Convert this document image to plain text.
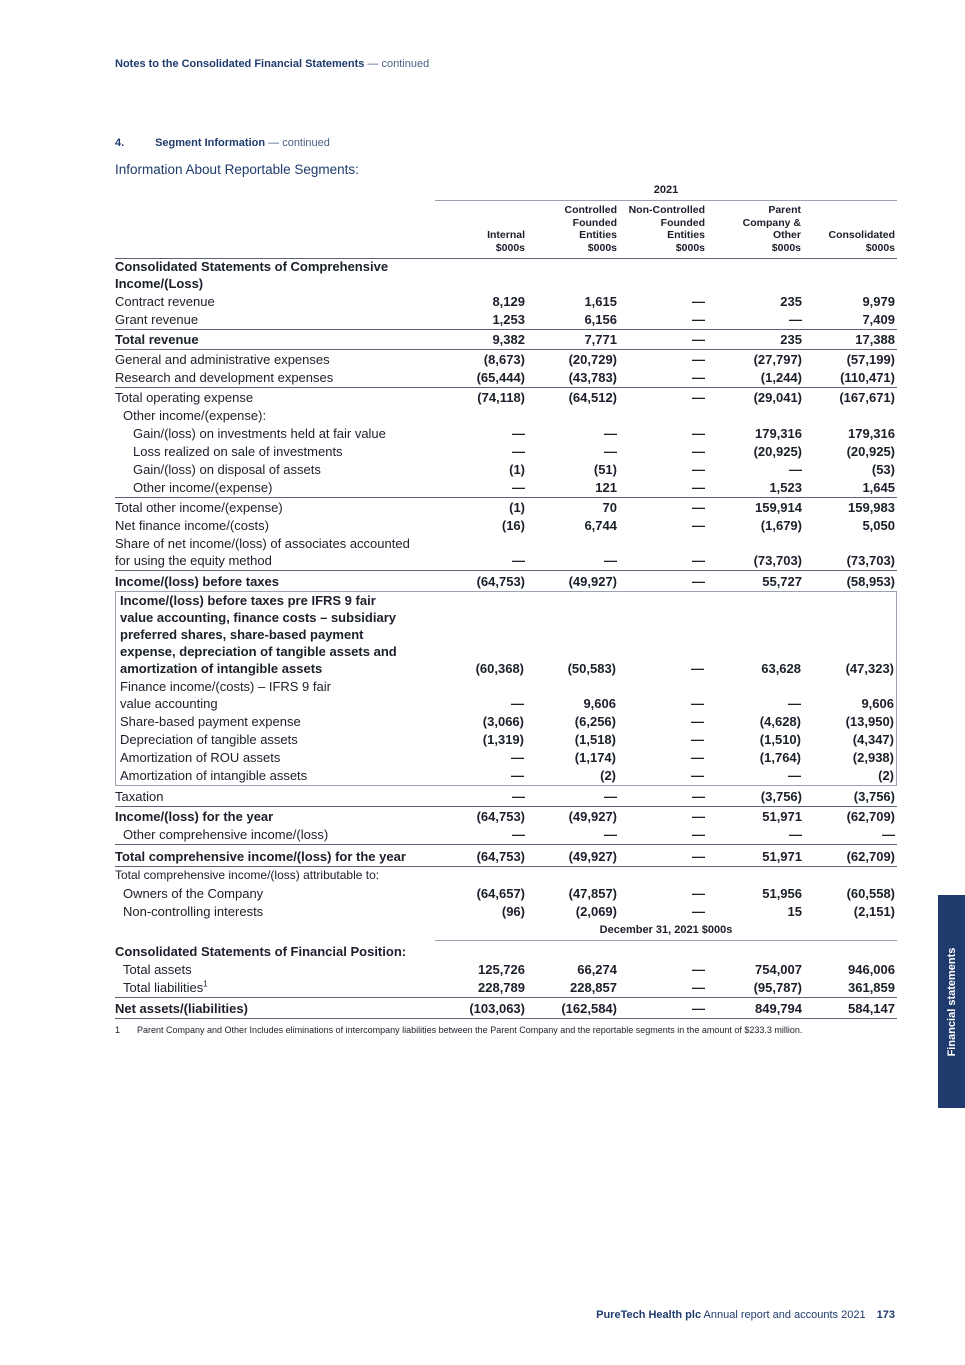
Notes to the Consolidated Financial Statements — continued
4.	Segment Information — continued
Information About Reportable Segments:
2021
Internal
$000s
Controlled
Founded
Entities
$000s
Non-Controlled
Founded
Entities
$000s
Parent
Company &
Other
$000s
Consolidated
$000s
Consolidated Statements of Comprehensive
Income/(Loss)
Contract revenue	8,129	1,615	—	235	9,979
Grant revenue	1,253	6,156	—	—	7,409
Total revenue	9,382	7,771	—	235	17,388
General and administrative expenses	(8,673)	(20,729)	—	(27,797)	(57,199)
Research and development expenses	(65,444)	(43,783)	—	(1,244)	(110,471)
Total operating expense	(74,118)	(64,512)	—	(29,041)	(167,671)
Other income/(expense):
Gain/(loss) on investments held at fair value	—	—	—	179,316	179,316
Loss realized on sale of investments	—	—	—	(20,925)	(20,925)
Gain/(loss) on disposal of assets	(1)	(51)	—	—	(53)
Other income/(expense)	—	121	—	1,523	1,645
Total other income/(expense)	(1)	70	—	159,914	159,983
Net finance income/(costs)	(16)	6,744	—	(1,679)	5,050
Share of net income/(loss) of associates accounted
for using the equity method	—	—	—	(73,703)	(73,703)
Income/(loss) before taxes	(64,753)	(49,927)	—	55,727	(58,953)
Income/(loss) before taxes pre IFRS 9 fair
value accounting, finance costs – subsidiary
preferred shares, share-based payment
expense, depreciation of tangible assets and
amortization of intangible assets	(60,368)	(50,583)	—	63,628	(47,323)
Finance income/(costs) – IFRS 9 fair
value accounting	—	9,606	—	—	9,606
Share-based payment expense	(3,066)	(6,256)	—	(4,628)	(13,950)
Depreciation of tangible assets	(1,319)	(1,518)	—	(1,510)	(4,347)
Amortization of ROU assets	—	(1,174)	—	(1,764)	(2,938)
Amortization of intangible assets	—	(2)	—	—	(2)
Taxation	—	—	—	(3,756)	(3,756)
Income/(loss) for the year	(64,753)	(49,927)	—	51,971	(62,709)
Other comprehensive income/(loss)	—	—	—	—	—
Total comprehensive income/(loss) for the year	(64,753)	(49,927)	—	51,971	(62,709)
Total comprehensive income/(loss) attributable to:
Owners of the Company	(64,657)	(47,857)	—	51,956	(60,558)
Non-controlling interests	(96)	(2,069)	—	15	(2,151)
December 31, 2021 $000s
Consolidated Statements of Financial Position:
Total assets	125,726	66,274	—	754,007	946,006
Total liabilities$^1$	228,789	228,857	—	(95,787)	361,859
Net assets/(liabilities)	(103,063)	(162,584)	—	849,794	584,147
1	Parent Company and Other Includes eliminations of intercompany liabilities between the Parent Company and the reportable segments in the amount of $233.3 million.	Financial statements
PureTech Health plc Annual report and accounts 2021 173
